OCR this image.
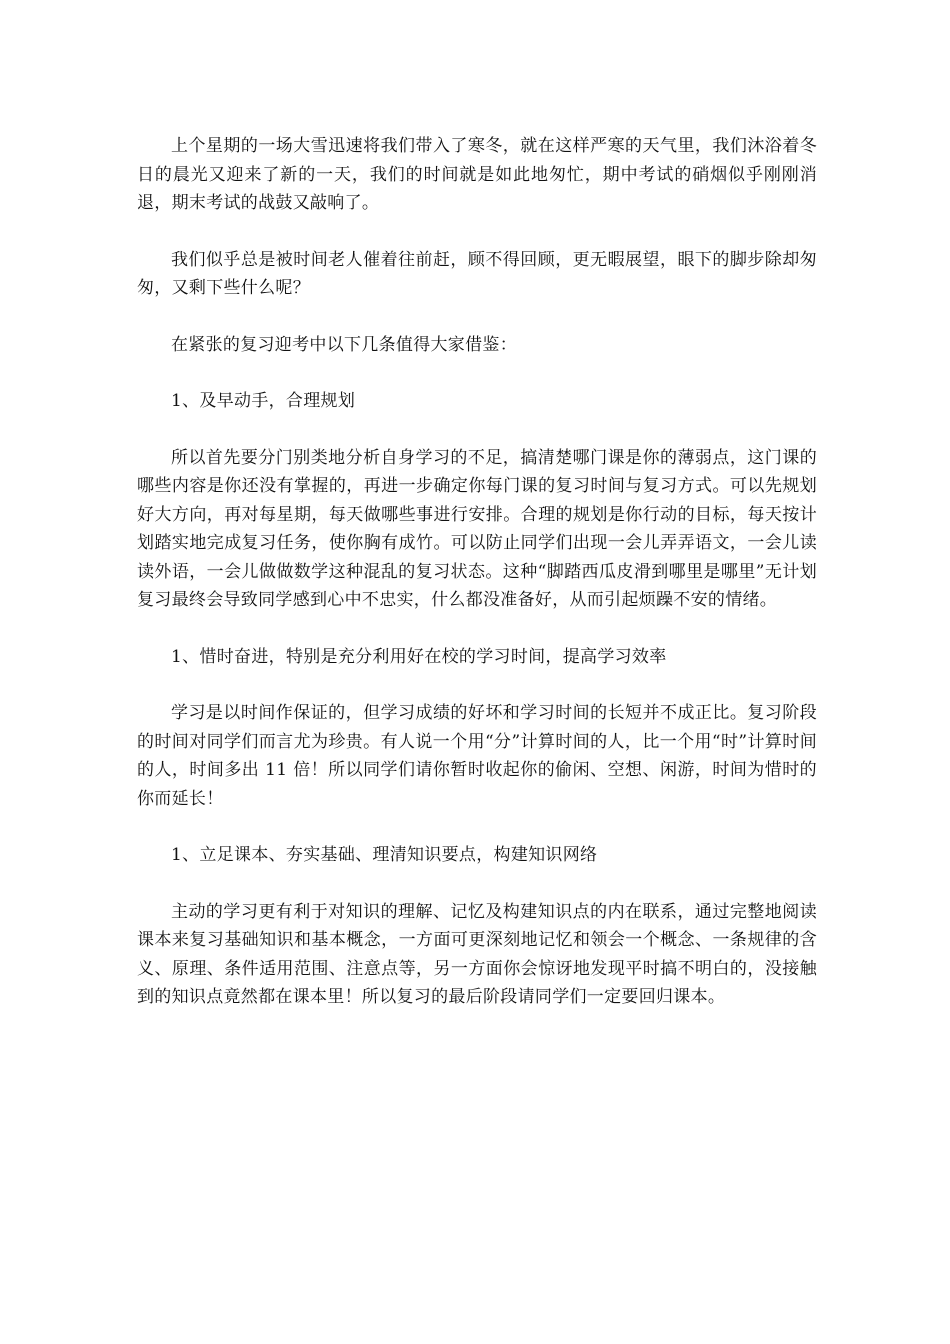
上个星期的一场大雪迅速将我们带入了寒冬，就在这样严寒的天气里，我们沐浴着冬日的晨光又迎来了新的一天，我们的时间就是如此地匆忙，期中考试的硝烟似乎刚刚消退，期末考试的战鼓又敲响了。

我们似乎总是被时间老人催着往前赶，顾不得回顾，更无暇展望，眼下的脚步除却匆匆，又剩下些什么呢？

在紧张的复习迎考中以下几条值得大家借鉴：

1、及早动手，合理规划

所以首先要分门别类地分析自身学习的不足，搞清楚哪门课是你的薄弱点，这门课的哪些内容是你还没有掌握的，再进一步确定你每门课的复习时间与复习方式。可以先规划好大方向，再对每星期，每天做哪些事进行安排。合理的规划是你行动的目标，每天按计划踏实地完成复习任务，使你胸有成竹。可以防止同学们出现一会儿弄弄语文，一会儿读读外语，一会儿做做数学这种混乱的复习状态。这种“脚踏西瓜皮滑到哪里是哪里”无计划复习最终会导致同学感到心中不忠实，什么都没准备好，从而引起烦躁不安的情绪。

1、惜时奋进，特别是充分利用好在校的学习时间，提高学习效率

学习是以时间作保证的，但学习成绩的好坏和学习时间的长短并不成正比。复习阶段的时间对同学们而言尤为珍贵。有人说一个用“分”计算时间的人，比一个用“时”计算时间的人，时间多出 11 倍！所以同学们请你暂时收起你的偷闲、空想、闲游，时间为惜时的你而延长！

1、立足课本、夯实基础、理清知识要点，构建知识网络

主动的学习更有利于对知识的理解、记忆及构建知识点的内在联系，通过完整地阅读课本来复习基础知识和基本概念，一方面可更深刻地记忆和领会一个概念、一条规律的含义、原理、条件适用范围、注意点等，另一方面你会惊讶地发现平时搞不明白的，没接触到的知识点竟然都在课本里！所以复习的最后阶段请同学们一定要回归课本。
